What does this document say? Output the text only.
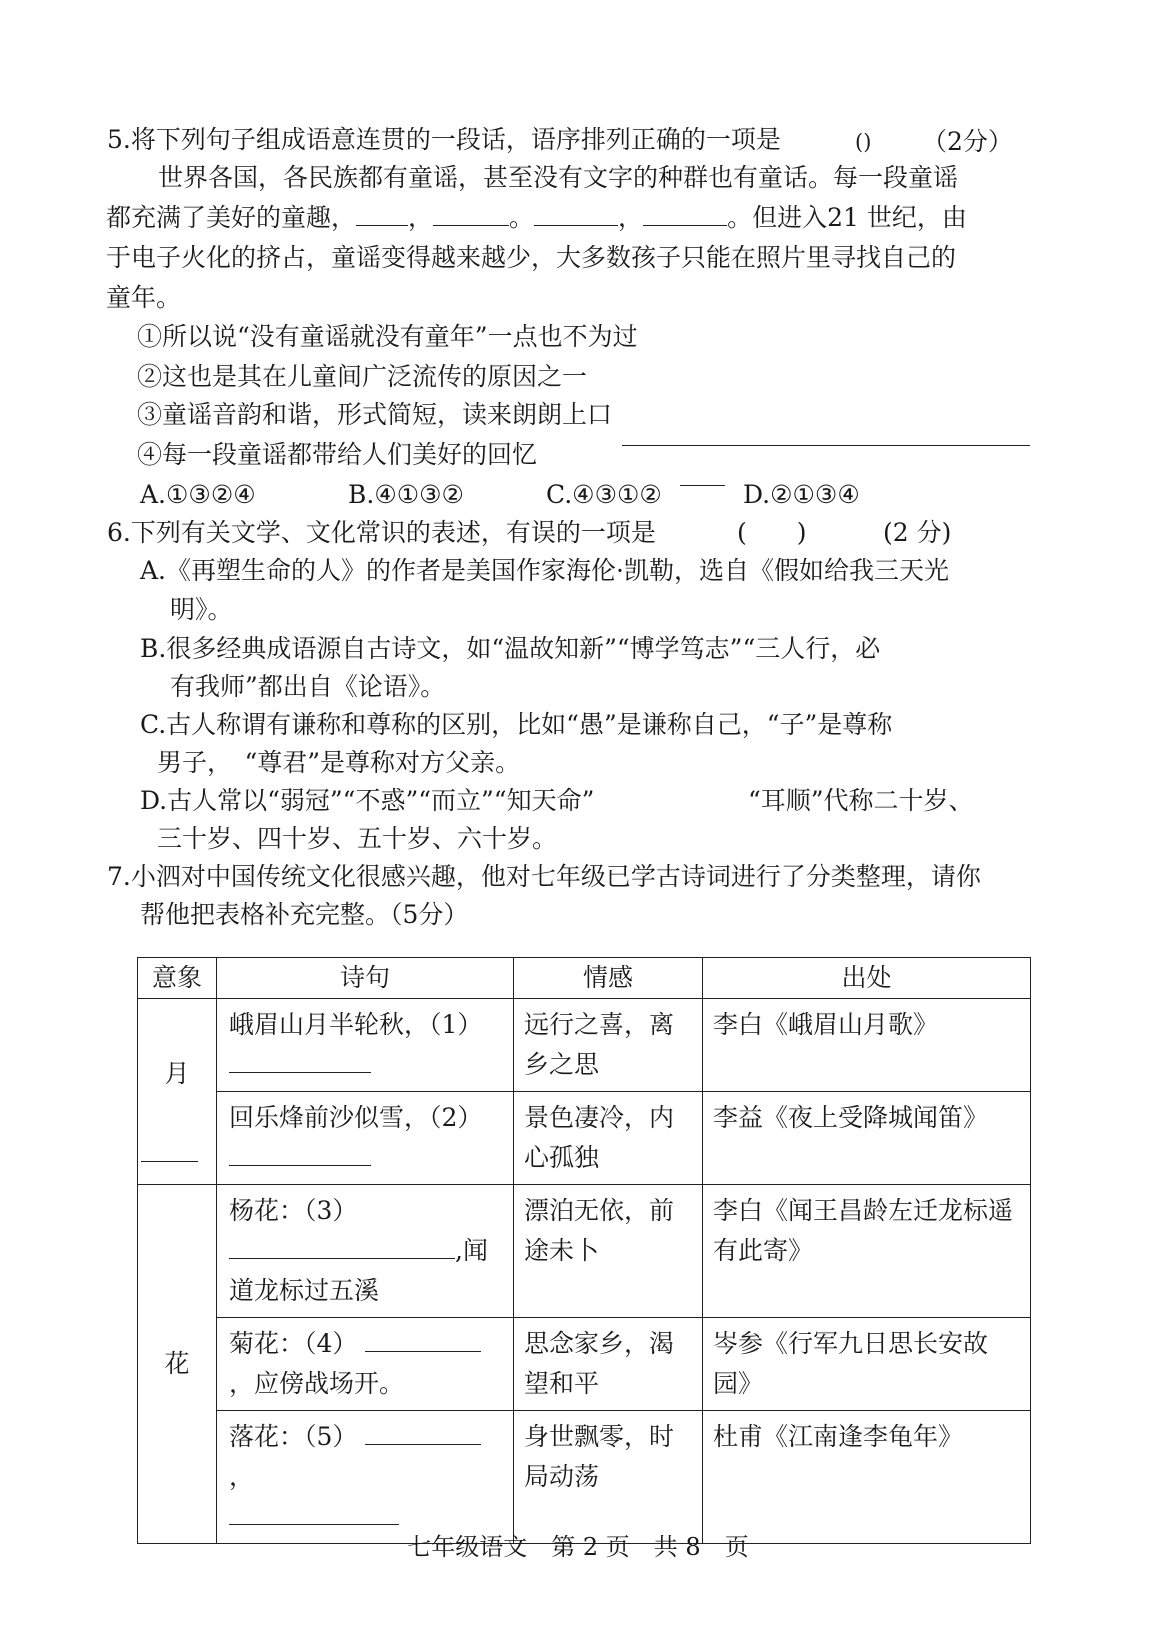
5.将下列句子组成语意连贯的一段话，语序排列正确的一项是	() （2分）
世界各国，各民族都有童谣，甚至没有文字的种群也有童话。每一段童谣
都充满了美好的童趣， ，	。	，	。但进入21 世纪，由
于电子火化的挤占，童谣变得越来越少，大多数孩子只能在照片里寻找自己的
童年。
①所以说“没有童谣就没有童年”一点也不为过
②这也是其在儿童间广泛流传的原因之一
③童谣音韵和谐，形式简短，读来朗朗上口
④每一段童谣都带给人们美好的回忆
A.①③②④	B.④①③②	C.④③①②	D.②①③④
6.下列有关文学、文化常识的表述，有误的一项是	(　　)	(2 分)
A.《再塑生命的人》的作者是美国作家海伦·凯勒，选自《假如给我三天光
明》。
B.很多经典成语源自古诗文，如“温故知新”“博学笃志”“三人行，必
有我师”都出自《论语》。
C.古人称谓有谦称和尊称的区别，比如“愚”是谦称自己，“子”是尊称
男子，　“尊君”是尊称对方父亲。
D.古人常以“弱冠”“不惑”“而立”“知天命”	“耳顺”代称二十岁、
三十岁、四十岁、五十岁、六十岁。
7.小泗对中国传统文化很感兴趣，他对七年级已学古诗词进行了分类整理，请你
帮他把表格补充完整。（5分）
意象	诗句	情感	出处

月	峨眉山月半轮秋，（1）	远行之喜，离乡之思	李白《峨眉山月歌》

	回乐烽前沙似雪，（2）	景色凄冷，内心孤独	李益《夜上受降城闻笛》

花	杨花：（3）
,闻道龙标过五溪	漂泊无依，前途未卜	李白《闻王昌龄左迁龙标遥有此寄》
	菊花：（4） ，应傍战场开。	思念家乡，渴望和平	岑参《行军九日思长安故园》
	落花：（5） ，	身世飘零，时局动荡	杜甫《江南逢李龟年》
七年级语文　第 2 页　共 8　页
